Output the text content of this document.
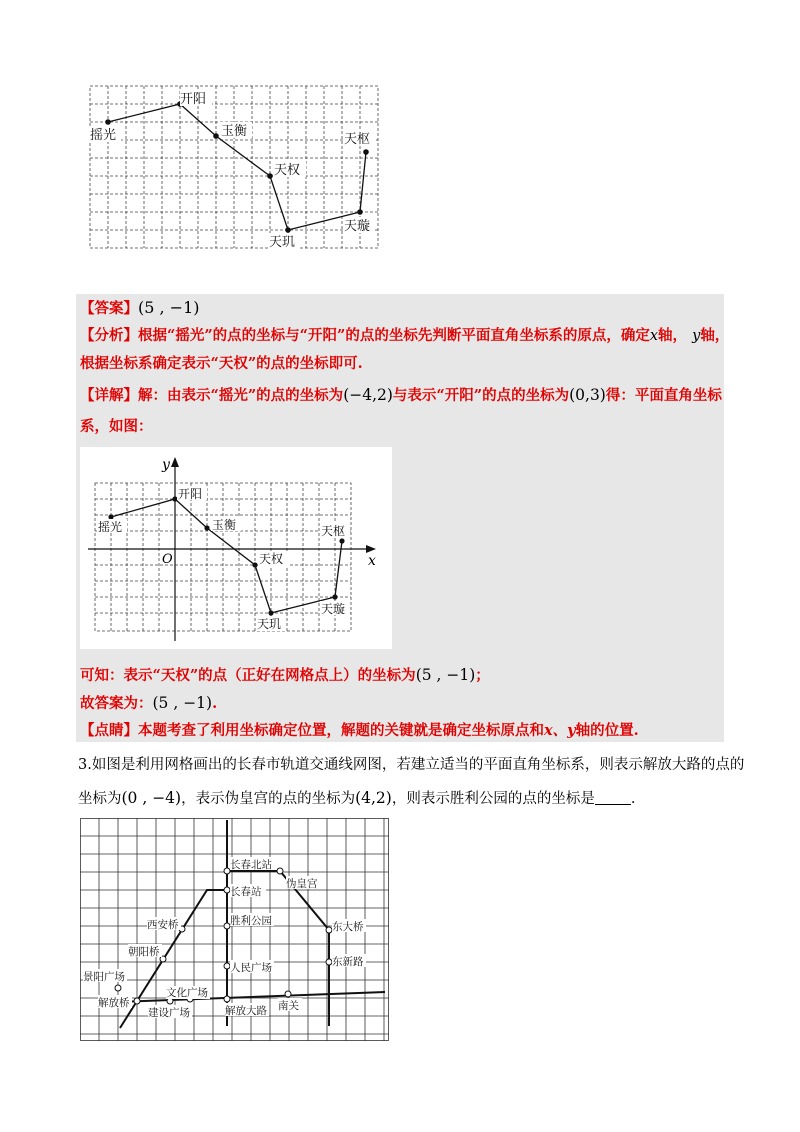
摇光
开阳
玉衡
天权
天玑
天璇
天枢
【答案】(5 , −1)
【分析】根据“摇光”的点的坐标与“开阳”的点的坐标先判断平面直角坐标系的原点，确定x轴， y轴，
根据坐标系确定表示“天权”的点的坐标即可.
【详解】解：由表示“摇光”的点的坐标为(−4,2)与表示“开阳”的点的坐标为(0,3)得：平面直角坐标
系，如图：
x
y
O
摇光
开阳
玉衡
天权
天玑
天璇
天枢
可知：表示“天权”的点（正好在网格点上）的坐标为(5 , −1)；
故答案为：(5 , −1).
【点睛】本题考查了利用坐标确定位置，解题的关键就是确定坐标原点和x、y轴的位置.
3.如图是利用网格画出的长春市轨道交通线网图，若建立适当的平面直角坐标系，则表示解放大路的点的
坐标为(0 , −4)，表示伪皇宫的点的坐标为(4,2)，则表示胜利公园的点的坐标是 .
长春北站
长春站
伪皇宫
东大桥
西安桥	胜利公园
朝阳桥
东新路
人民广场
景阳广场
文化广场
解放桥
建设广场	解放大路 南关
